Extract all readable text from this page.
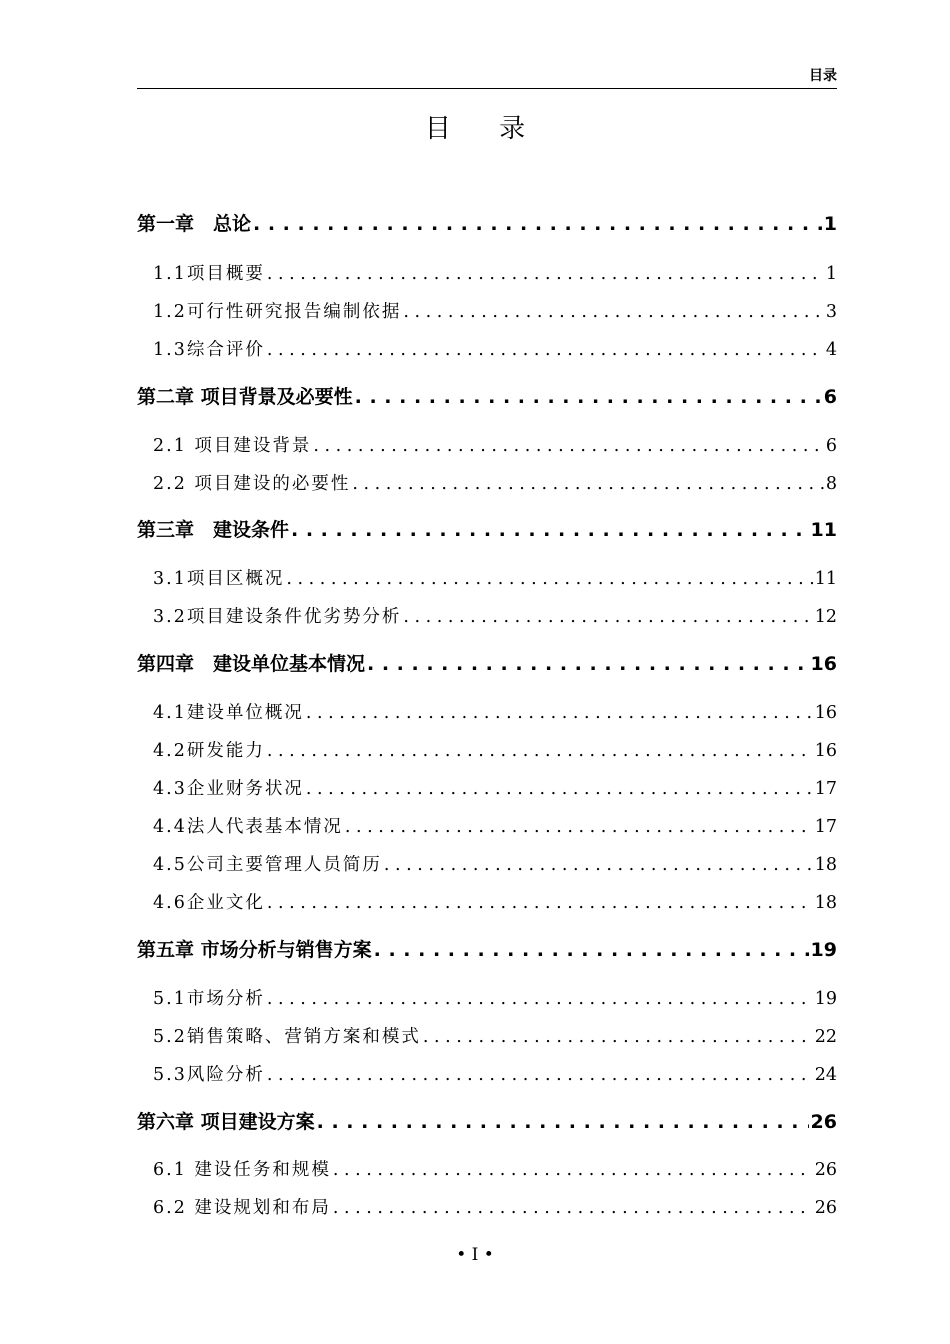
目录
目 录
第一章　总论 . . .	1
1.1项目概要 . . .	1
1.2可行性研究报告编制依据 . . .	3
1.3综合评价 . . .	4
第二章 项目背景及必要性 . . .	6
2.1 项目建设背景 . . .	6
2.2 项目建设的必要性 . . .	8
第三章　建设条件 . . .	11
3.1项目区概况 . . .	11
3.2项目建设条件优劣势分析 . . .	12
第四章　建设单位基本情况 . . .	16
4.1建设单位概况 . . .	16
4.2研发能力 . . .	16
4.3企业财务状况 . . .	17
4.4法人代表基本情况 . . .	17
4.5公司主要管理人员简历 . . .	18
4.6企业文化 . . .	18
第五章 市场分析与销售方案 . . .	19
5.1市场分析 . . .	19
5.2销售策略、营销方案和模式 . . .	22
5.3风险分析 . . .	24
第六章 项目建设方案 . . .	26
6.1 建设任务和规模 . . .	26
6.2 建设规划和布局 . . .	26
• I •
